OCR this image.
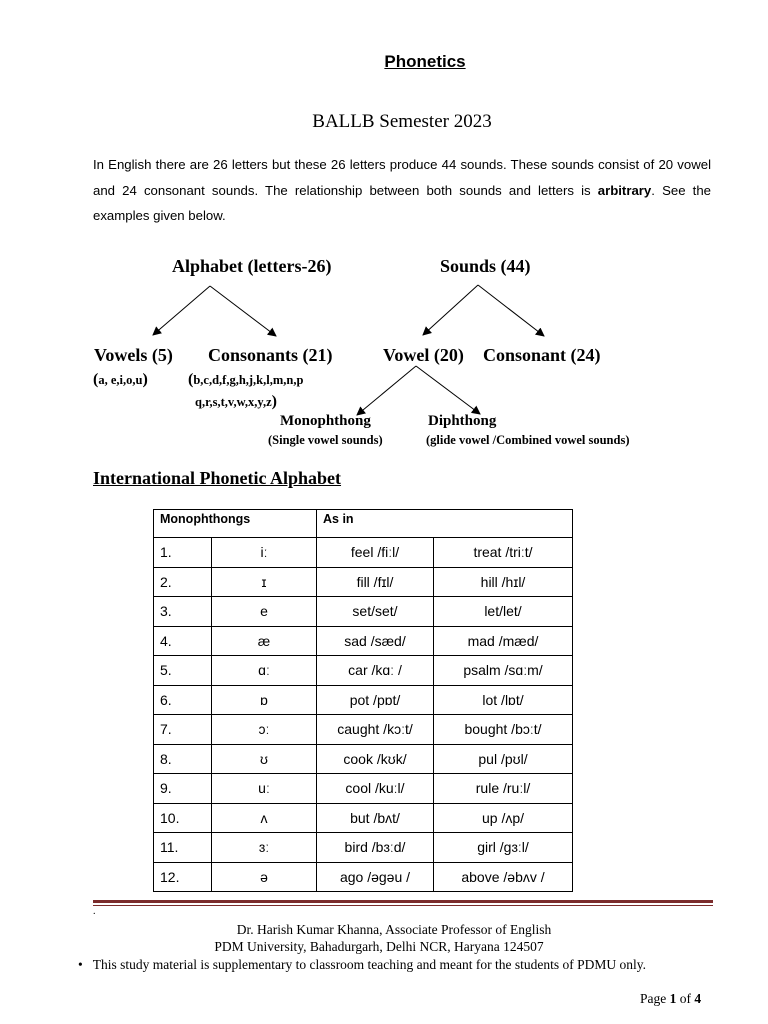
Phonetics
BALLB Semester 2023
In English there are 26 letters but these 26 letters produce 44 sounds. These sounds consist of 20 vowel and 24 consonant sounds. The relationship between both sounds and letters is arbitrary. See the examples given below.
Alphabet (letters-26)	Sounds (44)
Vowels (5) Consonants (21)	Vowel (20) Consonant (24)
(a, e,i,o,u)	(b,c,d,f,g,h,j,k,l,m,n,p
q,r,s,t,v,w,x,y,z)
Monophthong	Diphthong
(Single vowel sounds)	(glide vowel /Combined vowel sounds)
International Phonetic Alphabet
Monophthongs		As in	
1.	iː	feel /fiːl/	treat /triːt/
2.	ɪ	fill /fɪl/	hill /hɪl/
3.	e	set/set/	let/let/
4.	æ	sad /sæd/	mad /mæd/
5.	ɑː	car /kɑː /	psalm /sɑːm/
6.	ɒ	pot /pɒt/	lot /lɒt/
7.	ɔː	caught /kɔːt/	bought /bɔːt/
8.	ʊ	cook /kʊk/	pul /pʊl/
9.	uː	cool /kuːl/	rule /ruːl/
10.	ʌ	but /bʌt/	up /ʌp/
11.	ɜː	bird /bɜːd/	girl /gɜːl/
12.	ə	ago /əgəu /	above /əbʌv /
.
Dr. Harish Kumar Khanna, Associate Professor of English
PDM University, Bahadurgarh, Delhi NCR, Haryana 124507
• This study material is supplementary to classroom teaching and meant for the students of PDMU only.
Page 1 of 4
